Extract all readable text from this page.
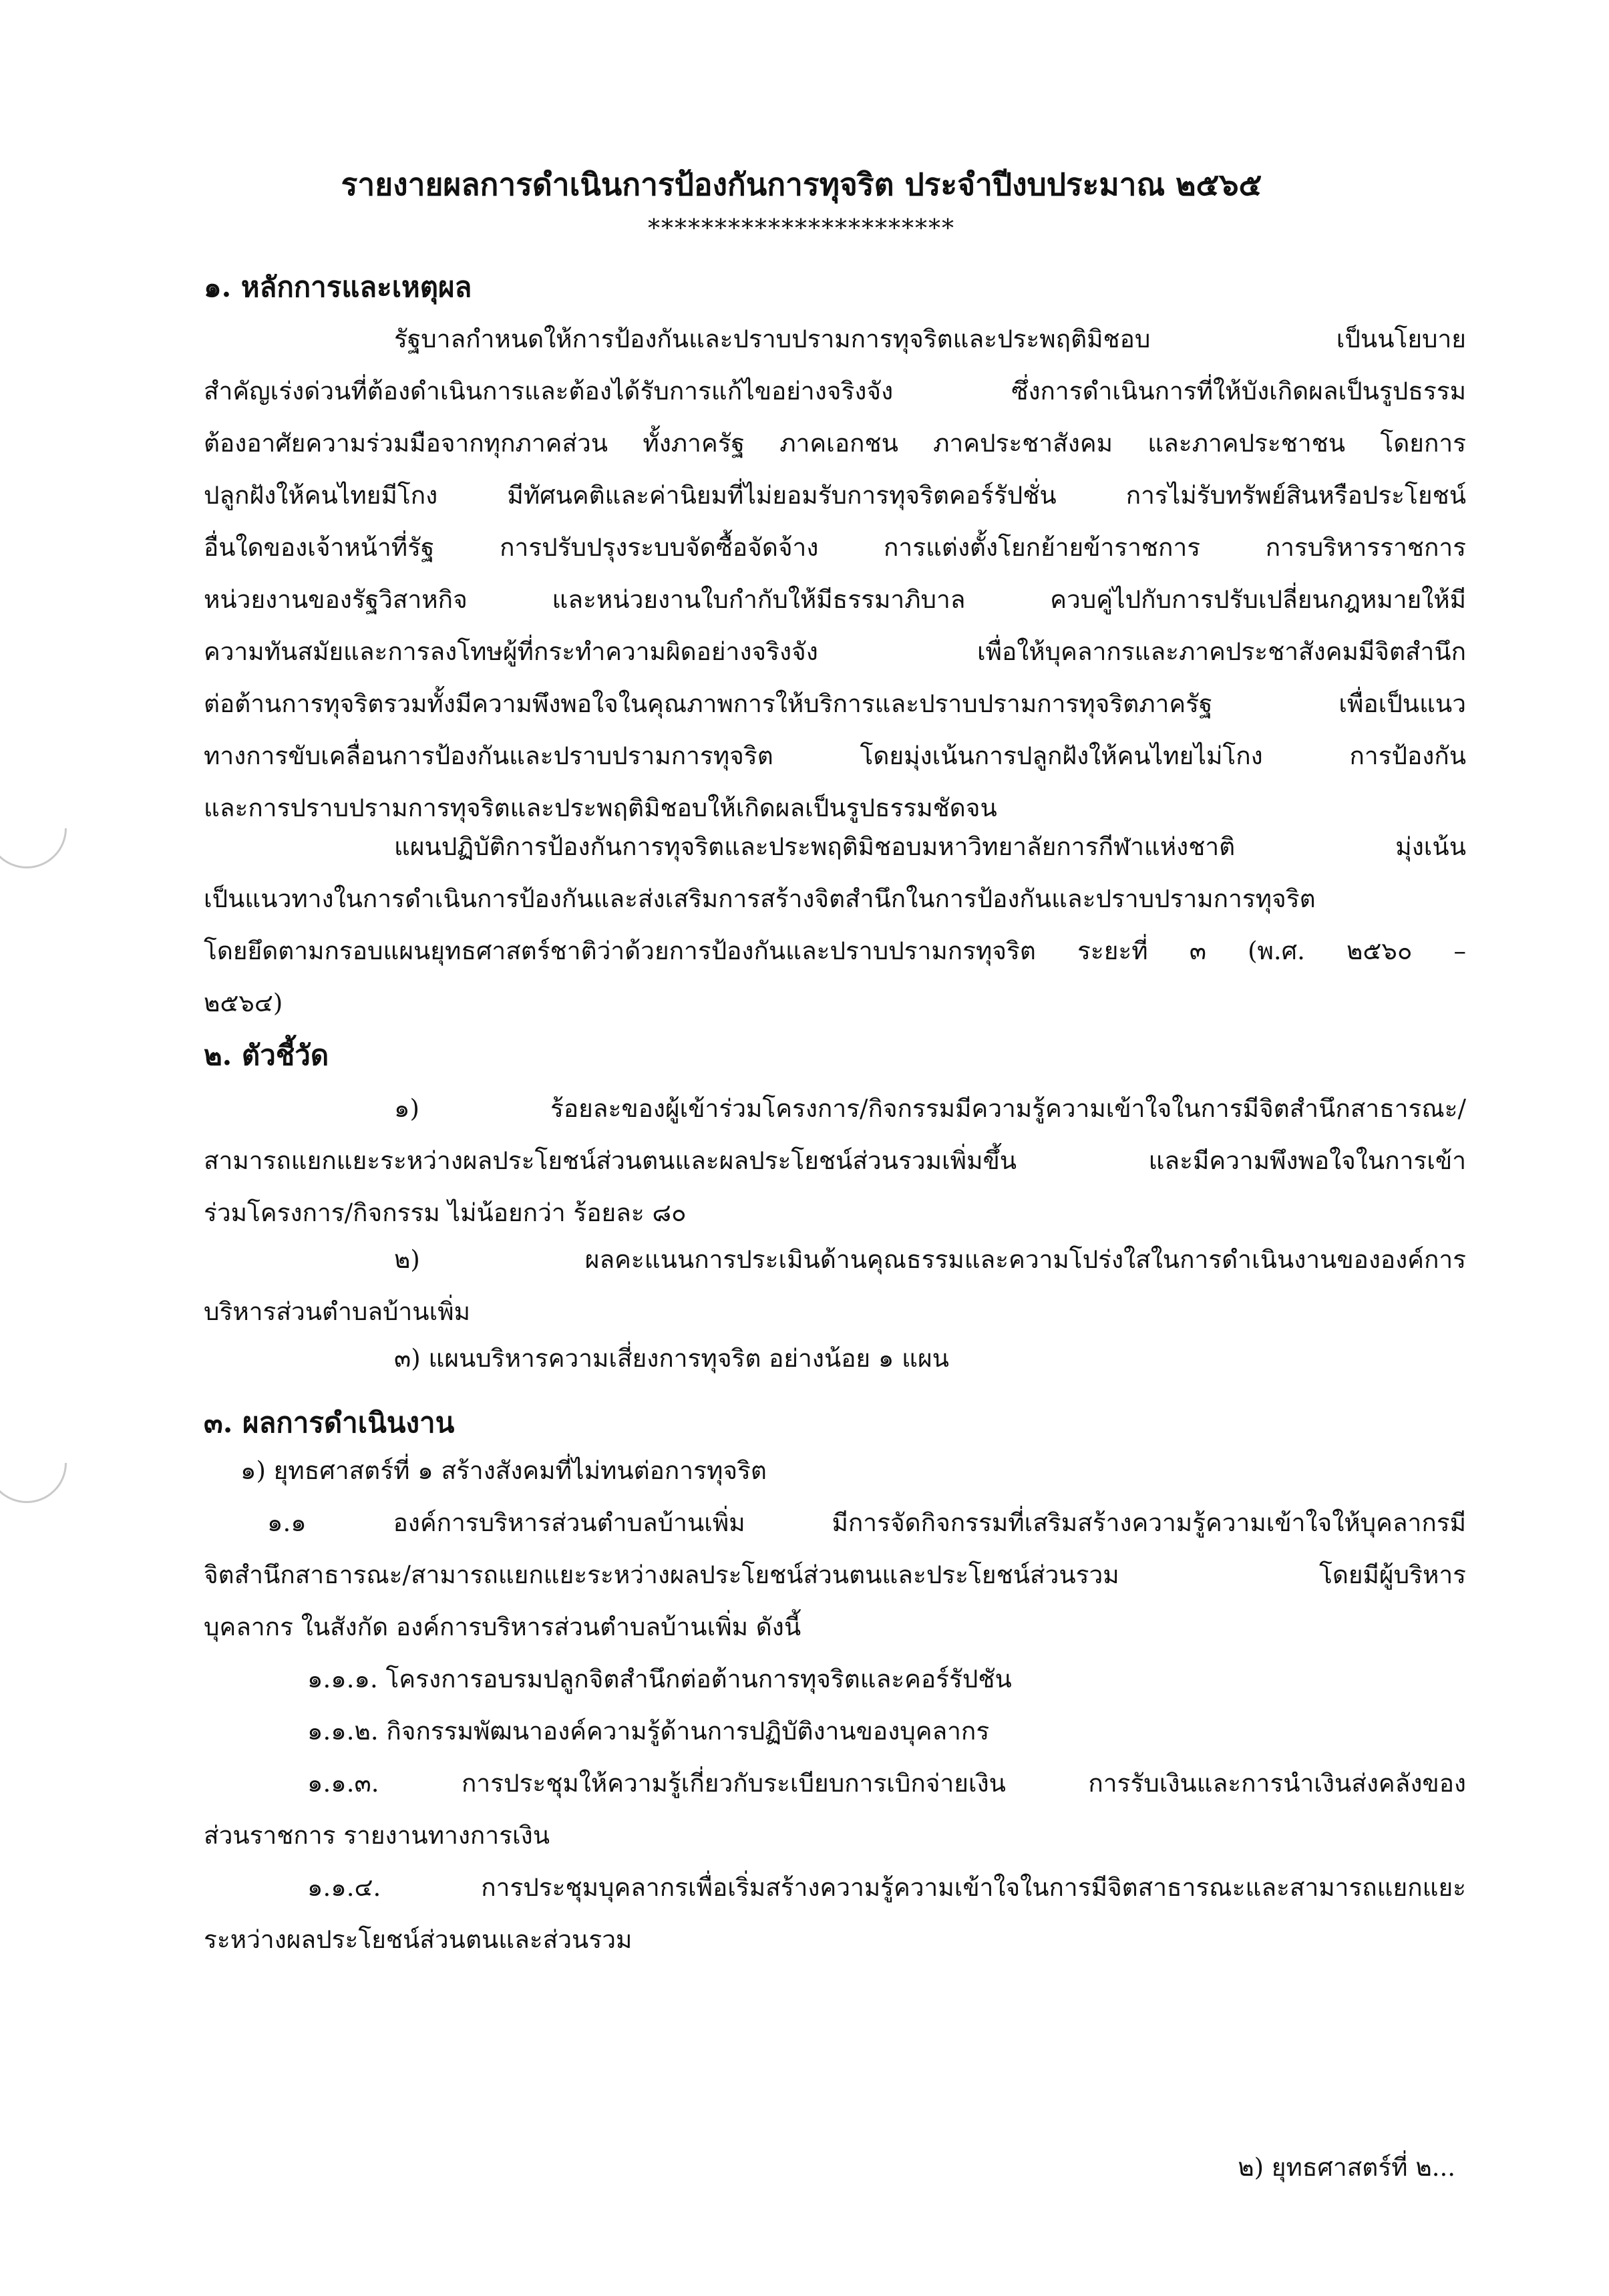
รายงายผลการดำเนินการป้องกันการทุจริต ประจำปีงบประมาณ ๒๕๖๕
***********************
๑. หลักการและเหตุผล
รัฐบาลกำหนดให้การป้องกันและปราบปรามการทุจริตและประพฤติมิชอบ เป็นนโยบาย
สำคัญเร่งด่วนที่ต้องดำเนินการและต้องได้รับการแก้ไขอย่างจริงจัง ซึ่งการดำเนินการที่ให้บังเกิดผลเป็นรูปธรรม
ต้องอาศัยความร่วมมือจากทุกภาคส่วน ทั้งภาครัฐ ภาคเอกชน ภาคประชาสังคม และภาคประชาชน โดยการ
ปลูกฝังให้คนไทยมีโกง มีทัศนคติและค่านิยมที่ไม่ยอมรับการทุจริตคอร์รัปชั่น การไม่รับทรัพย์สินหรือประโยชน์
อื่นใดของเจ้าหน้าที่รัฐ การปรับปรุงระบบจัดซื้อจัดจ้าง การแต่งตั้งโยกย้ายข้าราชการ การบริหารราชการ
หน่วยงานของรัฐวิสาหกิจ และหน่วยงานใบกำกับให้มีธรรมาภิบาล ควบคู่ไปกับการปรับเปลี่ยนกฎหมายให้มี
ความทันสมัยและการลงโทษผู้ที่กระทำความผิดอย่างจริงจัง เพื่อให้บุคลากรและภาคประชาสังคมมีจิตสำนึก
ต่อต้านการทุจริตรวมทั้งมีความพึงพอใจในคุณภาพการให้บริการและปราบปรามการทุจริตภาครัฐ เพื่อเป็นแนว
ทางการขับเคลื่อนการป้องกันและปราบปรามการทุจริต โดยมุ่งเน้นการปลูกฝังให้คนไทยไม่โกง การป้องกัน
และการปราบปรามการทุจริตและประพฤติมิชอบให้เกิดผลเป็นรูปธรรมชัดจน
แผนปฏิบัติการป้องกันการทุจริตและประพฤติมิชอบมหาวิทยาลัยการกีฬาแห่งชาติ มุ่งเน้น
เป็นแนวทางในการดำเนินการป้องกันและส่งเสริมการสร้างจิตสำนึกในการป้องกันและปราบปรามการทุจริต
โดยยึดตามกรอบแผนยุทธศาสตร์ชาติว่าด้วยการป้องกันและปราบปรามกรทุจริต ระยะที่ ๓ (พ.ศ. ๒๕๖๐ –
๒๕๖๔)
๒. ตัวชี้วัด
๑) ร้อยละของผู้เข้าร่วมโครงการ/กิจกรรมมีความรู้ความเข้าใจในการมีจิตสำนึกสาธารณะ/
สามารถแยกแยะระหว่างผลประโยชน์ส่วนตนและผลประโยชน์ส่วนรวมเพิ่มขึ้น และมีความพึงพอใจในการเข้า
ร่วมโครงการ/กิจกรรม ไม่น้อยกว่า ร้อยละ ๘๐
๒) ผลคะแนนการประเมินด้านคุณธรรมและความโปร่งใสในการดำเนินงานขององค์การ
บริหารส่วนตำบลบ้านเพิ่ม
๓) แผนบริหารความเสี่ยงการทุจริต อย่างน้อย ๑ แผน
๓. ผลการดำเนินงาน
๑) ยุทธศาสตร์ที่ ๑ สร้างสังคมที่ไม่ทนต่อการทุจริต
๑.๑ องค์การบริหารส่วนตำบลบ้านเพิ่ม มีการจัดกิจกรรมที่เสริมสร้างความรู้ความเข้าใจให้บุคลากรมี
จิตสำนึกสาธารณะ/สามารถแยกแยะระหว่างผลประโยชน์ส่วนตนและประโยชน์ส่วนรวม โดยมีผู้บริหาร
บุคลากร ในสังกัด องค์การบริหารส่วนตำบลบ้านเพิ่ม ดังนี้
๑.๑.๑. โครงการอบรมปลูกจิตสำนึกต่อต้านการทุจริตและคอร์รัปชัน
๑.๑.๒. กิจกรรมพัฒนาองค์ความรู้ด้านการปฏิบัติงานของบุคลากร
๑.๑.๓. การประชุมให้ความรู้เกี่ยวกับระเบียบการเบิกจ่ายเงิน การรับเงินและการนำเงินส่งคลังของ
ส่วนราชการ รายงานทางการเงิน
๑.๑.๔. การประชุมบุคลากรเพื่อเริ่มสร้างความรู้ความเข้าใจในการมีจิตสาธารณะและสามารถแยกแยะ
ระหว่างผลประโยชน์ส่วนตนและส่วนรวม
๒) ยุทธศาสตร์ที่ ๒...
